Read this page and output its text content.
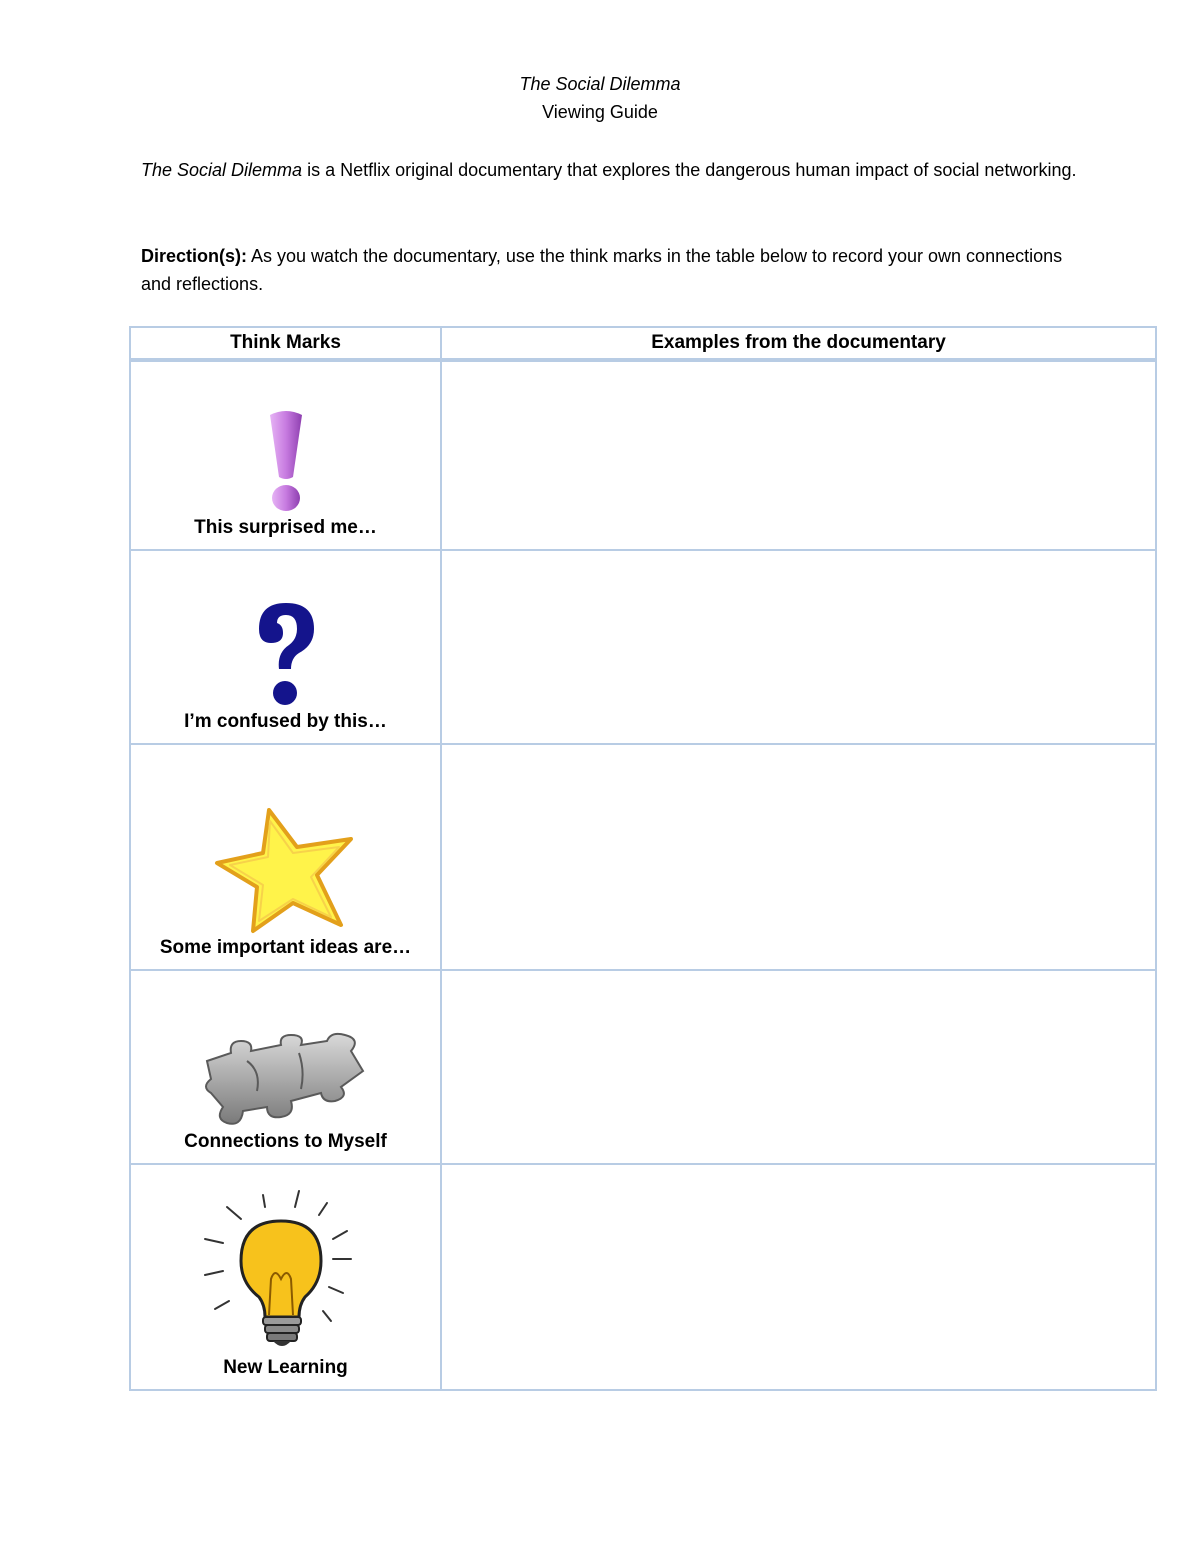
The Social Dilemma
Viewing Guide
The Social Dilemma is a Netflix original documentary that explores the dangerous human impact of social networking.
Direction(s): As you watch the documentary, use the think marks in the table below to record your own connections and reflections.
Think Marks	Examples from the documentary

This surprised me…	

I’m confused by this…	

Some important ideas are…	

Connections to Myself	

New Learning	
